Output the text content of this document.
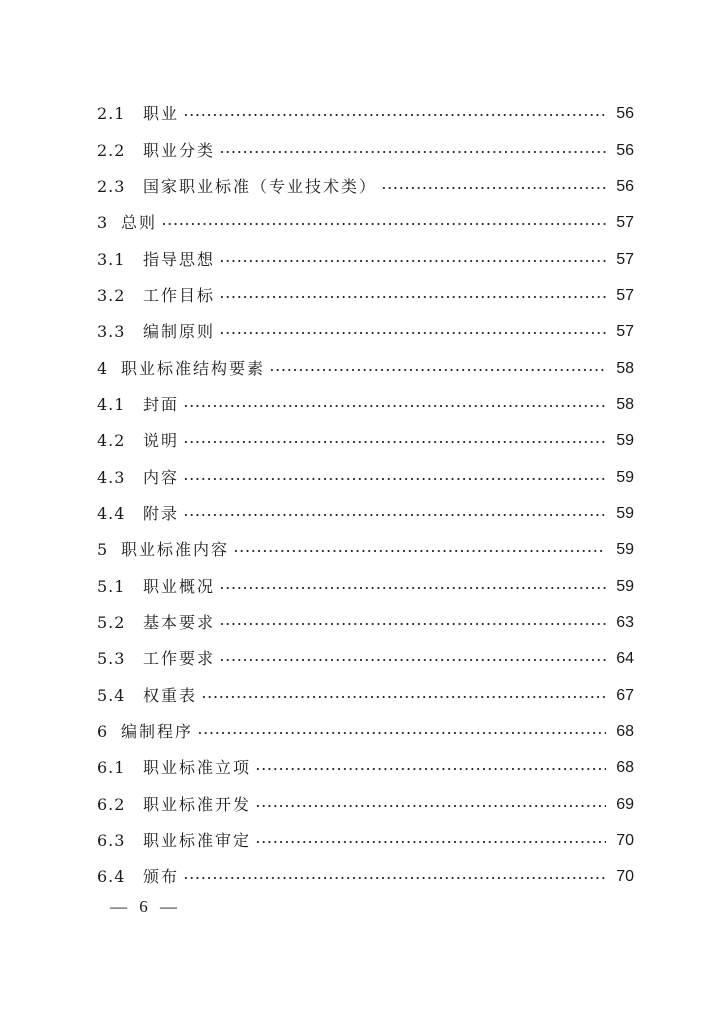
2.1	职业	56
2.2	职业分类	56
2.3	国家职业标准（专业技术类）	56
3 总则	57
3.1	指导思想	57
3.2	工作目标	57
3.3	编制原则	57
4 职业标准结构要素	58
4.1	封面	58
4.2	说明	59
4.3	内容	59
4.4	附录	59
5 职业标准内容	59
5.1	职业概况	59
5.2	基本要求	63
5.3	工作要求	64
5.4	权重表	67
6 编制程序	68
6.1	职业标准立项	68
6.2	职业标准开发	69
6.3	职业标准审定	70
6.4	颁布	70
— 6 —
